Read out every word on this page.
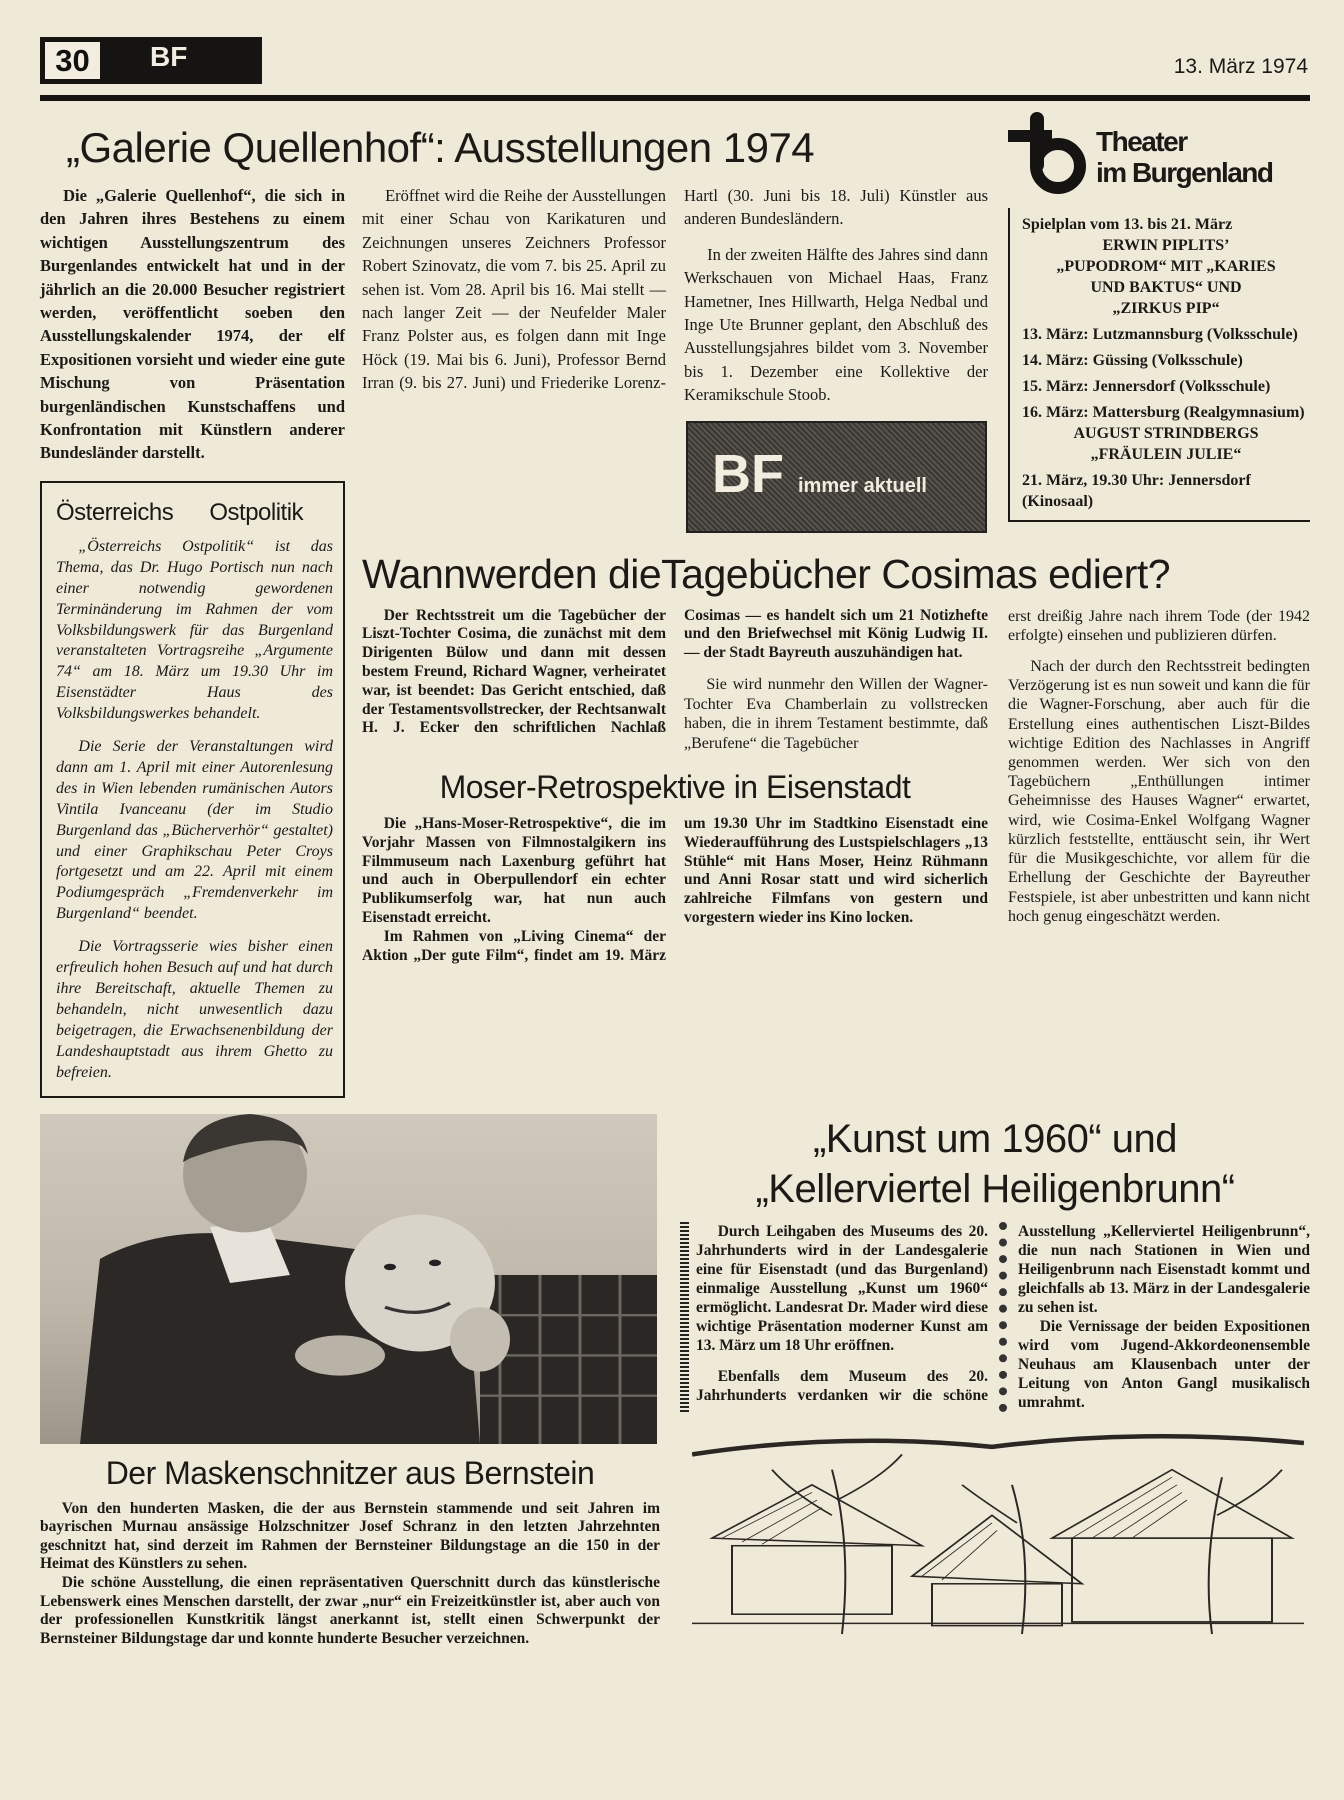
30	BF	13. März 1974
„Galerie Quellenhof“: Ausstellungen 1974	Theater
im Burgenland

Die „Galerie Quellenhof“, die sich in den Jahren ihres Bestehens zu einem wichtigen Ausstellungszentrum des Burgenlandes entwickelt hat und in der jährlich an die 20.000 Besucher registriert werden, veröffentlicht soeben den Ausstellungskalender 1974, der elf Expositionen vorsieht und wieder eine gute Mischung von Präsentation burgenländischen Kunstschaffens und Konfrontation mit Künstlern anderer Bundesländer darstellt.

Österreichs Ostpolitik

„Österreichs Ostpolitik“ ist das Thema, das Dr. Hugo Portisch nun nach einer notwendig gewordenen Terminänderung im Rahmen der vom Volksbildungswerk für das Burgenland veranstalteten Vortragsreihe „Argumente 74“ am 18. März um 19.30 Uhr im Eisenstädter Haus des Volksbildungswerkes behandelt.

Die Serie der Veranstaltungen wird dann am 1. April mit einer Autorenlesung des in Wien lebenden rumänischen Autors Vintila Ivanceanu (der im Studio Burgenland das „Bücherverhör“ gestaltet) und einer Graphikschau Peter Croys fortgesetzt und am 22. April mit einem Podiumgespräch „Fremdenverkehr im Burgenland“ beendet.

Die Vortragsserie wies bisher einen erfreulich hohen Besuch auf und hat durch ihre Bereitschaft, aktuelle Themen zu behandeln, nicht unwesentlich dazu beigetragen, die Erwachsenenbildung der Landeshauptstadt aus ihrem Ghetto zu befreien.

Eröffnet wird die Reihe der Ausstellungen mit einer Schau von Karikaturen und Zeichnungen unseres Zeichners Professor Robert Szinovatz, die vom 7. bis 25. April zu sehen ist. Vom 28. April bis 16. Mai stellt — nach langer Zeit — der Neufelder Maler Franz Polster aus, es folgen dann mit Inge Höck (19. Mai bis 6. Juni), Professor Bernd Irran (9. bis 27. Juni) und Friederike Lorenz-Hartl (30. Juni bis 18. Juli) Künstler aus anderen Bundesländern.

In der zweiten Hälfte des Jahres sind dann Werkschauen von Michael Haas, Franz Hametner, Ines Hillwarth, Helga Nedbal und Inge Ute Brunner geplant, den Abschluß des Ausstellungsjahres bildet vom 3. November bis 1. Dezember eine Kollektive der Keramikschule Stoob.

BF immer aktuell
Spielplan vom 13. bis 21. März
ERWIN PIPLITS’
„PUPODROM“ MIT „KARIES
UND BAKTUS“ UND
„ZIRKUS PIP“
13. März: Lutzmannsburg (Volksschule)
14. März: Güssing (Volksschule)
15. März: Jennersdorf (Volksschule)
16. März: Mattersburg (Realgymnasium)
AUGUST STRINDBERGS
„FRÄULEIN JULIE“
21. März, 19.30 Uhr: Jennersdorf (Kinosaal)
Wannwerden dieTagebücher Cosimas ediert?

Der Rechtsstreit um die Tagebücher der Liszt-Tochter Cosima, die zunächst mit dem Dirigenten Bülow und dann mit dessen bestem Freund, Richard Wagner, verheiratet war, ist beendet: Das Gericht entschied, daß der Testamentsvollstrecker, der Rechtsanwalt H. J. Ecker den schriftlichen Nachlaß Cosimas — es handelt sich um 21 Notizhefte und den Briefwechsel mit König Ludwig II. — der Stadt Bayreuth auszuhändigen hat.

Sie wird nunmehr den Willen der Wagner-Tochter Eva Chamberlain zu vollstrecken haben, die in ihrem Testament bestimmte, daß „Berufene“ die Tagebücher

Moser-Retrospektive in Eisenstadt

Die „Hans-Moser-Retrospektive“, die im Vorjahr Massen von Filmnostalgikern ins Filmmuseum nach Laxenburg geführt hat und auch in Oberpullendorf ein echter Publikumserfolg war, hat nun auch Eisenstadt erreicht.

Im Rahmen von „Living Cinema“ der Aktion „Der gute Film“, findet am 19. März um 19.30 Uhr im Stadtkino Eisenstadt eine Wiederaufführung des Lustspielschlagers „13 Stühle“ mit Hans Moser, Heinz Rühmann und Anni Rosar statt und wird sicherlich zahlreiche Filmfans von gestern und vorgestern wieder ins Kino locken.

erst dreißig Jahre nach ihrem Tode (der 1942 erfolgte) einsehen und publizieren dürfen.

Nach der durch den Rechtsstreit bedingten Verzögerung ist es nun soweit und kann die für die Wagner-Forschung, aber auch für die Erstellung eines authentischen Liszt-Bildes wichtige Edition des Nachlasses in Angriff genommen werden. Wer sich von den Tagebüchern „Enthüllungen intimer Geheimnisse des Hauses Wagner“ erwartet, wird, wie Cosima-Enkel Wolfgang Wagner kürzlich feststellte, enttäuscht sein, ihr Wert für die Musikgeschichte, vor allem für die Erhellung der Geschichte der Bayreuther Festspiele, ist aber unbestritten und kann nicht hoch genug eingeschätzt werden.

Der Maskenschnitzer aus Bernstein

Von den hunderten Masken, die der aus Bernstein stammende und seit Jahren im bayrischen Murnau ansässige Holzschnitzer Josef Schranz in den letzten Jahrzehnten geschnitzt hat, sind derzeit im Rahmen der Bernsteiner Bildungstage an die 150 in der Heimat des Künstlers zu sehen.

Die schöne Ausstellung, die einen repräsentativen Querschnitt durch das künstlerische Lebenswerk eines Menschen darstellt, der zwar „nur“ ein Freizeitkünstler ist, aber auch von der professionellen Kunstkritik längst anerkannt ist, stellt einen Schwerpunkt der Bernsteiner Bildungstage dar und konnte hunderte Besucher verzeichnen.

„Kunst um 1960“ und
„Kellerviertel Heiligenbrunn“

Durch Leihgaben des Museums des 20. Jahrhunderts wird in der Landesgalerie eine für Eisenstadt (und das Burgenland) einmalige Ausstellung „Kunst um 1960“ ermöglicht. Landesrat Dr. Mader wird diese wichtige Präsentation moderner Kunst am 13. März um 18 Uhr eröffnen.

Ebenfalls dem Museum des 20. Jahrhunderts verdanken wir die schöne Ausstellung „Kellerviertel Heiligenbrunn“, die nun nach Stationen in Wien und Heiligenbrunn nach Eisenstadt kommt und gleichfalls ab 13. März in der Landesgalerie zu sehen ist.

Die Vernissage der beiden Expositionen wird vom Jugend-Akkordeonensemble Neuhaus am Klausenbach unter der Leitung von Anton Gangl musikalisch umrahmt.
